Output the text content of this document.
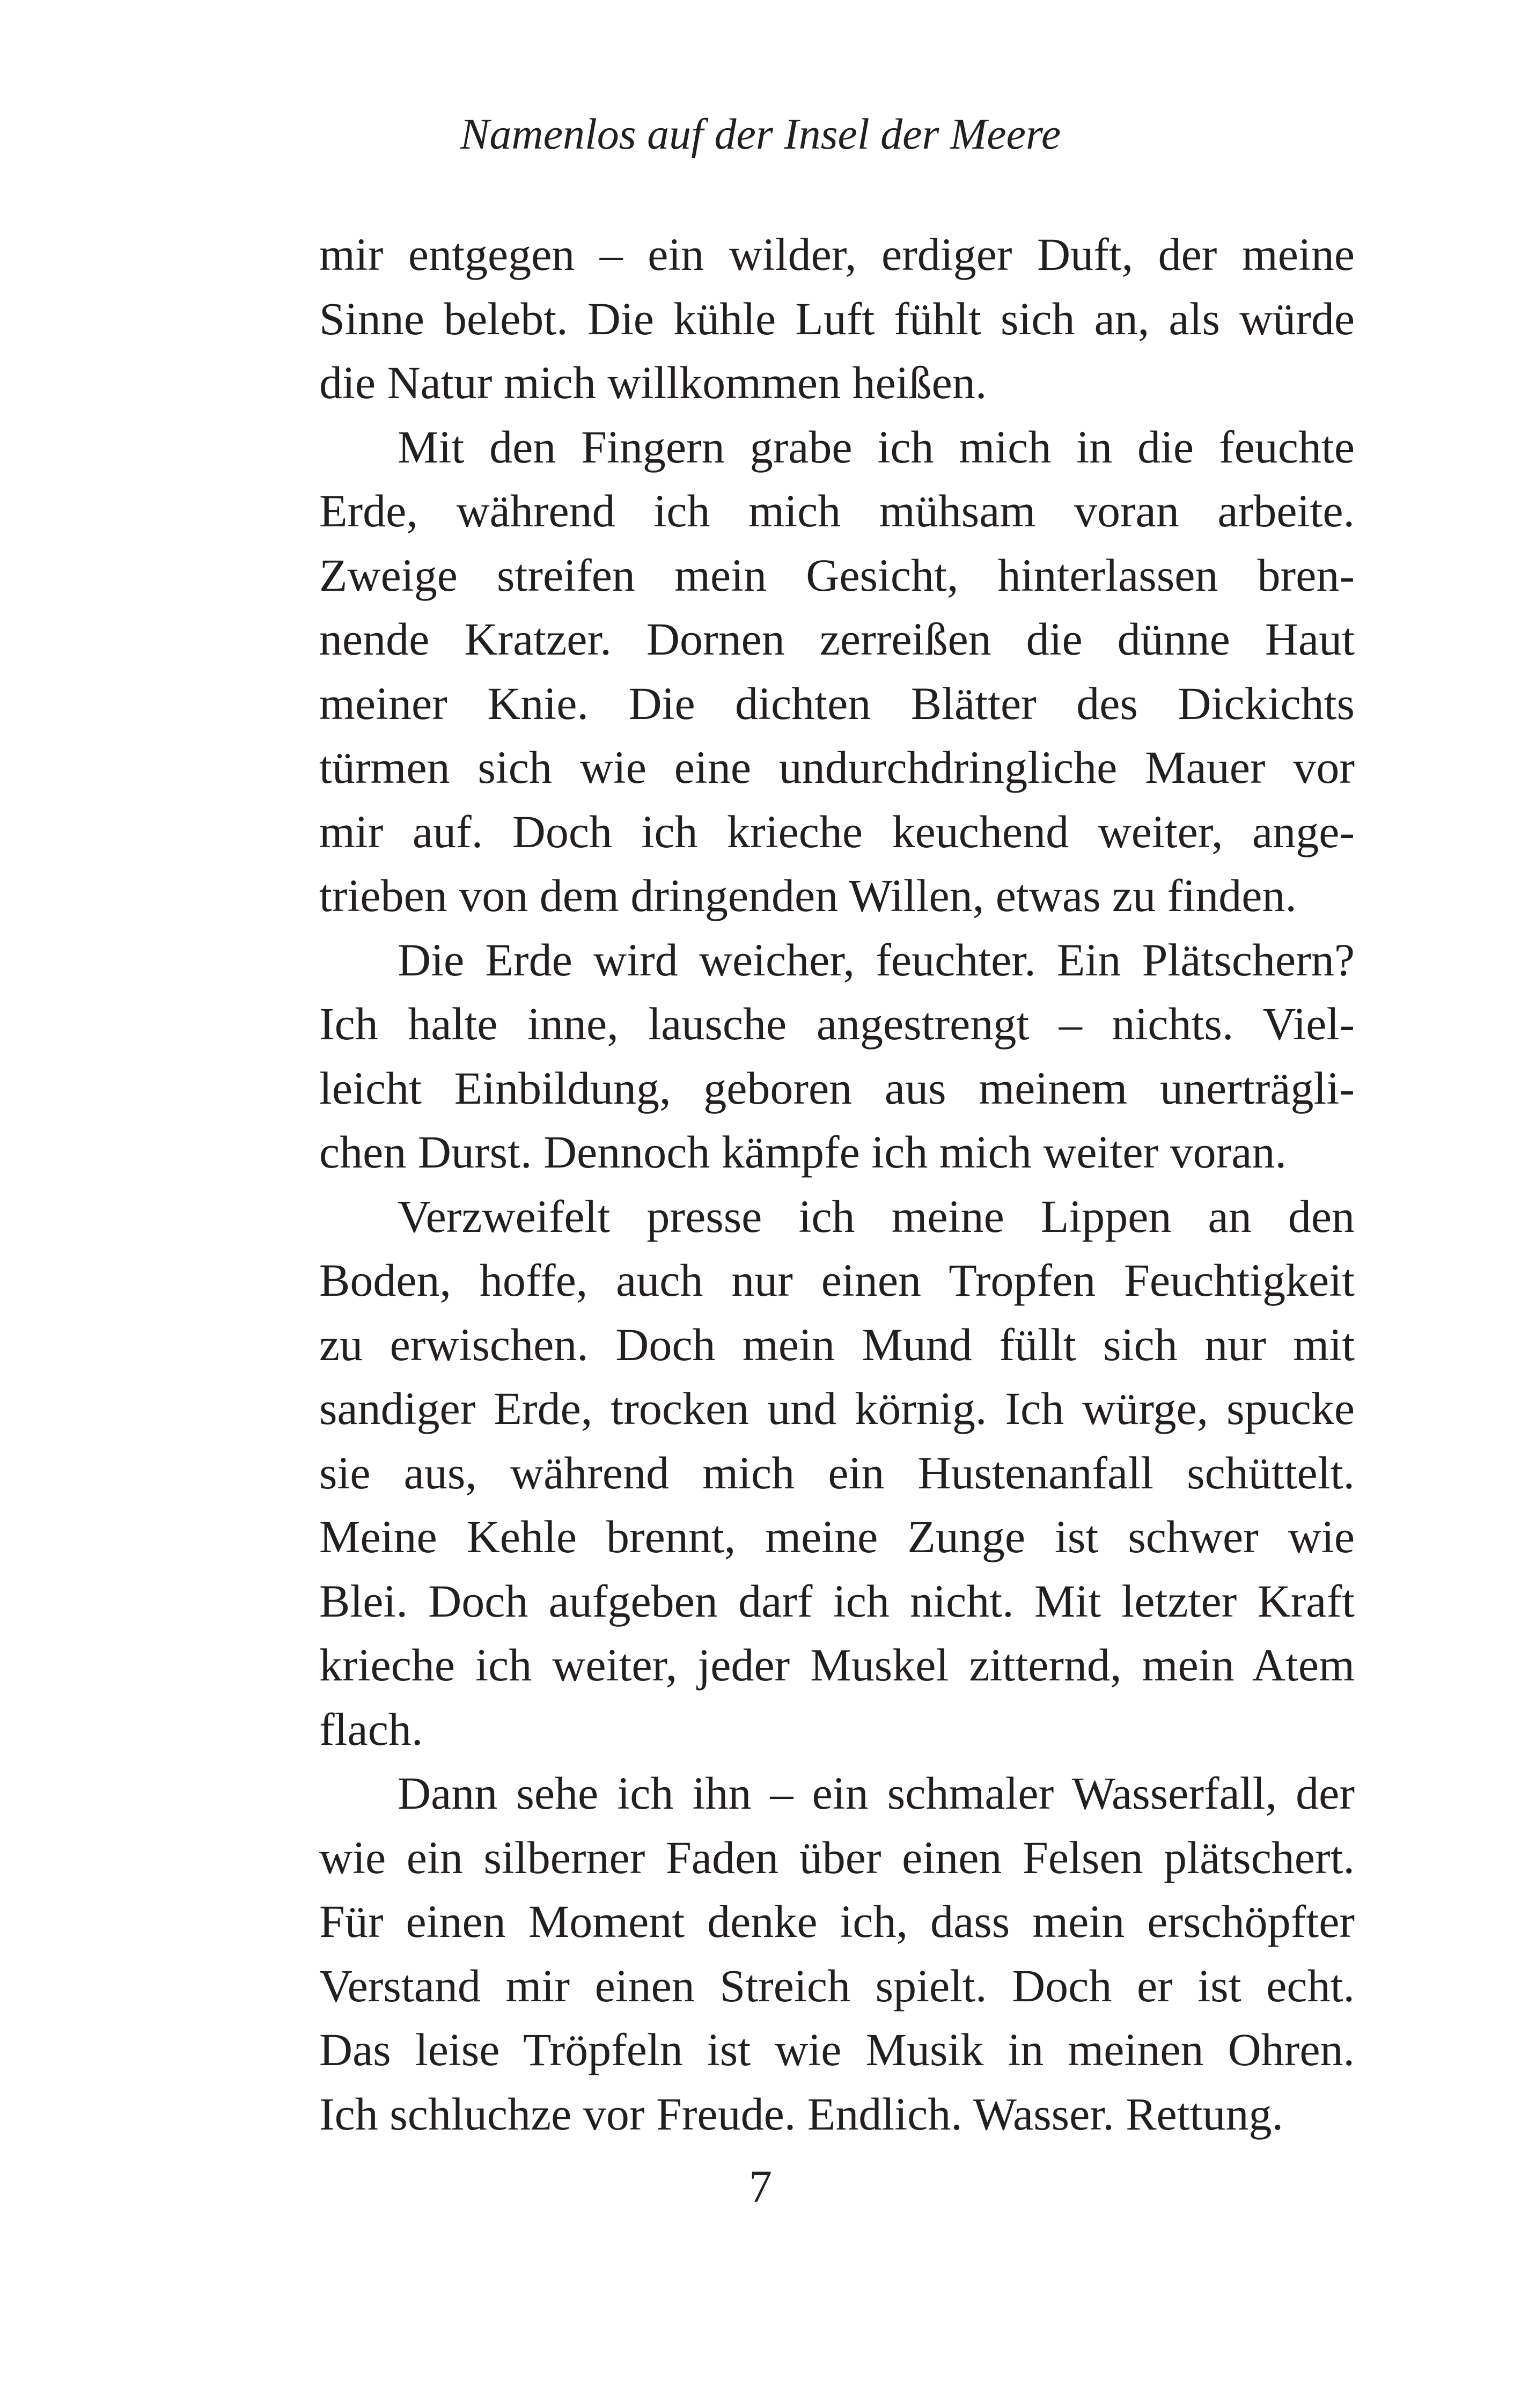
Namenlos auf der Insel der Meere
mir entgegen – ein wilder, erdiger Duft, der meine
Sinne belebt. Die kühle Luft fühlt sich an, als würde
die Natur mich willkommen heißen.
Mit den Fingern grabe ich mich in die feuchte
Erde, während ich mich mühsam voran arbeite.
Zweige streifen mein Gesicht, hinterlassen bren-
nende Kratzer. Dornen zerreißen die dünne Haut
meiner Knie. Die dichten Blätter des Dickichts
türmen sich wie eine undurchdringliche Mauer vor
mir auf. Doch ich krieche keuchend weiter, ange-
trieben von dem dringenden Willen, etwas zu finden.
Die Erde wird weicher, feuchter. Ein Plätschern?
Ich halte inne, lausche angestrengt – nichts. Viel-
leicht Einbildung, geboren aus meinem unerträgli-
chen Durst. Dennoch kämpfe ich mich weiter voran.
Verzweifelt presse ich meine Lippen an den
Boden, hoffe, auch nur einen Tropfen Feuchtigkeit
zu erwischen. Doch mein Mund füllt sich nur mit
sandiger Erde, trocken und körnig. Ich würge, spucke
sie aus, während mich ein Hustenanfall schüttelt.
Meine Kehle brennt, meine Zunge ist schwer wie
Blei. Doch aufgeben darf ich nicht. Mit letzter Kraft
krieche ich weiter, jeder Muskel zitternd, mein Atem
flach.
Dann sehe ich ihn – ein schmaler Wasserfall, der
wie ein silberner Faden über einen Felsen plätschert.
Für einen Moment denke ich, dass mein erschöpfter
Verstand mir einen Streich spielt. Doch er ist echt.
Das leise Tröpfeln ist wie Musik in meinen Ohren.
Ich schluchze vor Freude. Endlich. Wasser. Rettung.
7
